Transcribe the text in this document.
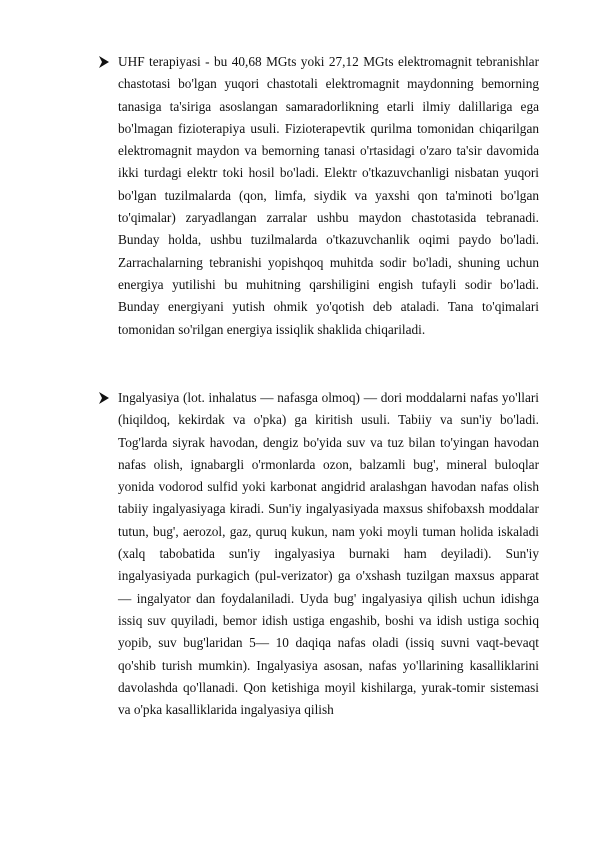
UHF terapiyasi - bu 40,68 MGts yoki 27,12 MGts elektromagnit tebranishlar chastotasi bo'lgan yuqori chastotali elektromagnit maydonning bemorning tanasiga ta'siriga asoslangan samaradorlikning etarli ilmiy dalillariga ega bo'lmagan fizioterapiya usuli. Fizioterapevtik qurilma tomonidan chiqarilgan elektromagnit maydon va bemorning tanasi o'rtasidagi o'zaro ta'sir davomida ikki turdagi elektr toki hosil bo'ladi. Elektr o'tkazuvchanligi nisbatan yuqori bo'lgan tuzilmalarda (qon, limfa, siydik va yaxshi qon ta'minoti bo'lgan to'qimalar) zaryadlangan zarralar ushbu maydon chastotasida tebranadi. Bunday holda, ushbu tuzilmalarda o'tkazuvchanlik oqimi paydo bo'ladi. Zarrachalarning tebranishi yopishqoq muhitda sodir bo'ladi, shuning uchun energiya yutilishi bu muhitning qarshiligini engish tufayli sodir bo'ladi. Bunday energiyani yutish ohmik yo'qotish deb ataladi. Tana to'qimalari tomonidan so'rilgan energiya issiqlik shaklida chiqariladi.
Ingalyasiya (lot. inhalatus — nafasga olmoq) — dori moddalarni nafas yo'llari (hiqildoq, kekirdak va o'pka) ga kiritish usuli. Tabiiy va sun'iy bo'ladi. Tog'larda siyrak havodan, dengiz bo'yida suv va tuz bilan to'yingan havodan nafas olish, ignabargli o'rmonlarda ozon, balzamli bug', mineral buloqlar yonida vodorod sulfid yoki karbonat angidrid aralashgan havodan nafas olish tabiiy ingalyasiyaga kiradi. Sun'iy ingalyasiyada maxsus shifobaxsh moddalar tutun, bug', aerozol, gaz, quruq kukun, nam yoki moyli tuman holida iskaladi (xalq tabobatida sun'iy ingalyasiya burnaki ham deyiladi). Sun'iy ingalyasiyada purkagich (pul-verizator) ga o'xshash tuzilgan maxsus apparat — ingalyator dan foydalaniladi. Uyda bug' ingalyasiya qilish uchun idishga issiq suv quyiladi, bemor idish ustiga engashib, boshi va idish ustiga sochiq yopib, suv bug'laridan 5— 10 daqiqa nafas oladi (issiq suvni vaqt-bevaqt qo'shib turish mumkin). Ingalyasiya asosan, nafas yo'llarining kasalliklarini davolashda qo'llanadi. Qon ketishiga moyil kishilarga, yurak-tomir sistemasi va o'pka kasalliklarida ingalyasiya qilish
